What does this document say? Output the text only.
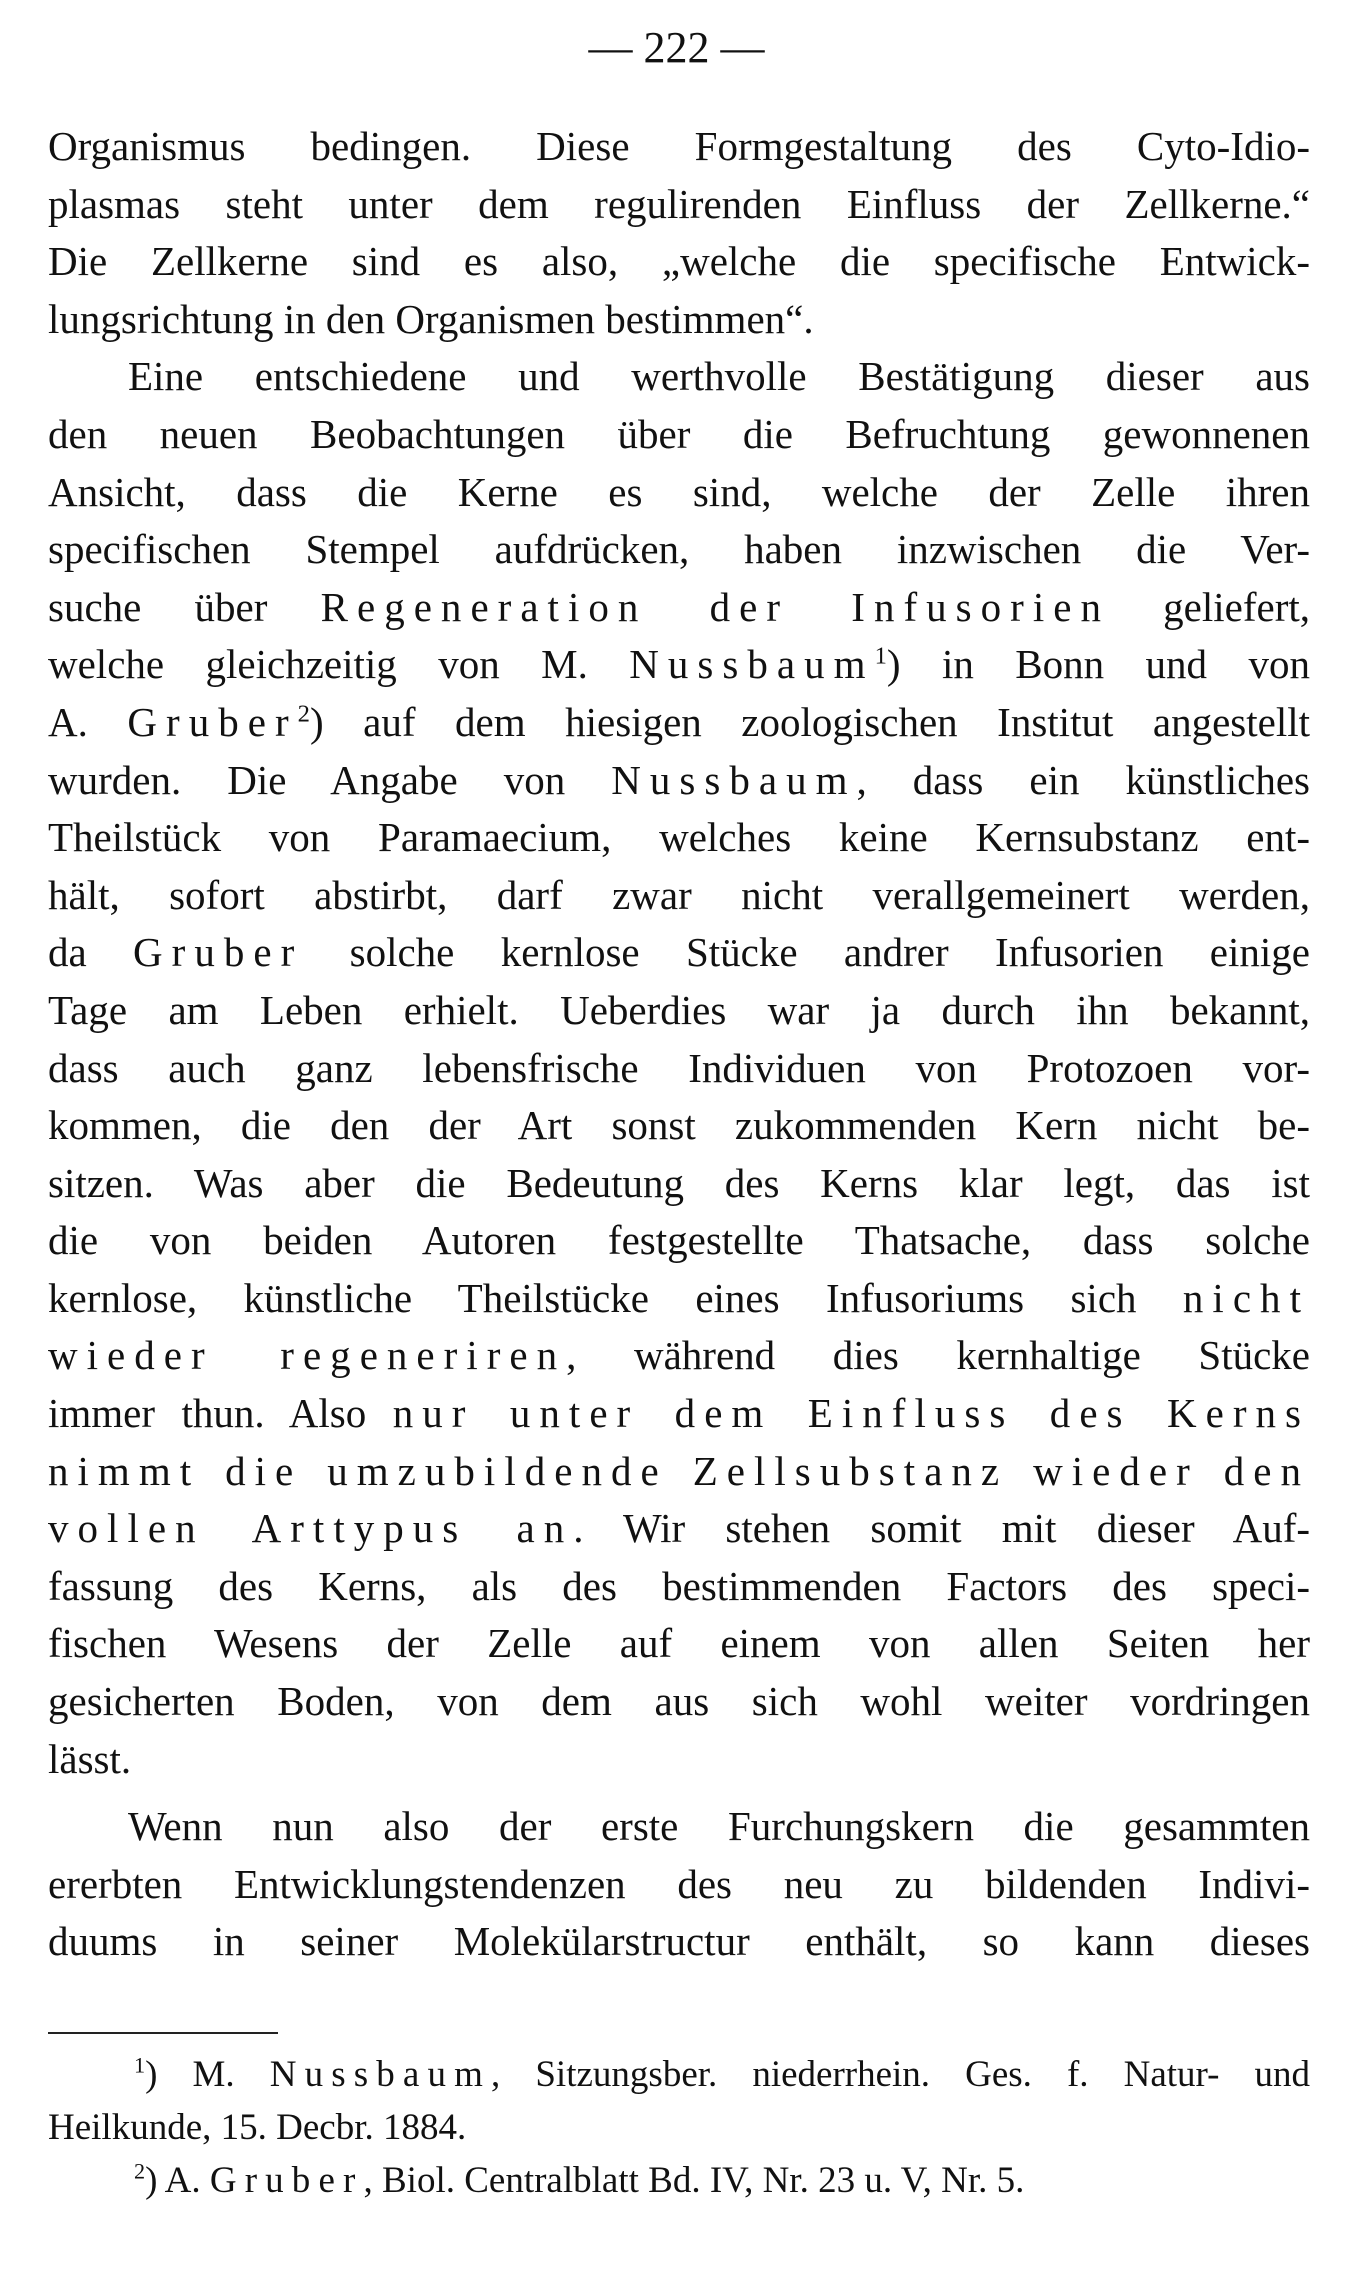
— 222 —
Organismus bedingen. Diese Formgestaltung des Cyto-Idio-
plasmas steht unter dem regulirenden Einfluss der Zellkerne.“
Die Zellkerne sind es also, „welche die specifische Entwick-
lungsrichtung in den Organismen bestimmen“.
Eine entschiedene und werthvolle Bestätigung dieser aus
den neuen Beobachtungen über die Befruchtung gewonnenen
Ansicht, dass die Kerne es sind, welche der Zelle ihren
specifischen Stempel aufdrücken, haben inzwischen die Ver-
suche über Regeneration der Infusorien geliefert,
welche gleichzeitig von M. Nussbaum$^1$) in Bonn und von
A. Gruber$^2$) auf dem hiesigen zoologischen Institut angestellt
wurden. Die Angabe von Nussbaum, dass ein künstliches
Theilstück von Paramaecium, welches keine Kernsubstanz ent-
hält, sofort abstirbt, darf zwar nicht verallgemeinert werden,
da Gruber solche kernlose Stücke andrer Infusorien einige
Tage am Leben erhielt. Ueberdies war ja durch ihn bekannt,
dass auch ganz lebensfrische Individuen von Protozoen vor-
kommen, die den der Art sonst zukommenden Kern nicht be-
sitzen. Was aber die Bedeutung des Kerns klar legt, das ist
die von beiden Autoren festgestellte Thatsache, dass solche
kernlose, künstliche Theilstücke eines Infusoriums sich nicht
wieder regeneriren, während dies kernhaltige Stücke
immer thun. Also nur unter dem Einfluss des Kerns
nimmt die umzubildende Zellsubstanz wieder den
vollen Arttypus an. Wir stehen somit mit dieser Auf-
fassung des Kerns, als des bestimmenden Factors des speci-
fischen Wesens der Zelle auf einem von allen Seiten her
gesicherten Boden, von dem aus sich wohl weiter vordringen
lässt.
Wenn nun also der erste Furchungskern die gesammten
ererbten Entwicklungstendenzen des neu zu bildenden Indivi-
duums in seiner Molekülarstructur enthält, so kann dieses
$^1$) M. Nussbaum, Sitzungsber. niederrhein. Ges. f. Natur- und
Heilkunde, 15. Decbr. 1884.
$^2$) A. Gruber, Biol. Centralblatt Bd. IV, Nr. 23 u. V, Nr. 5.
